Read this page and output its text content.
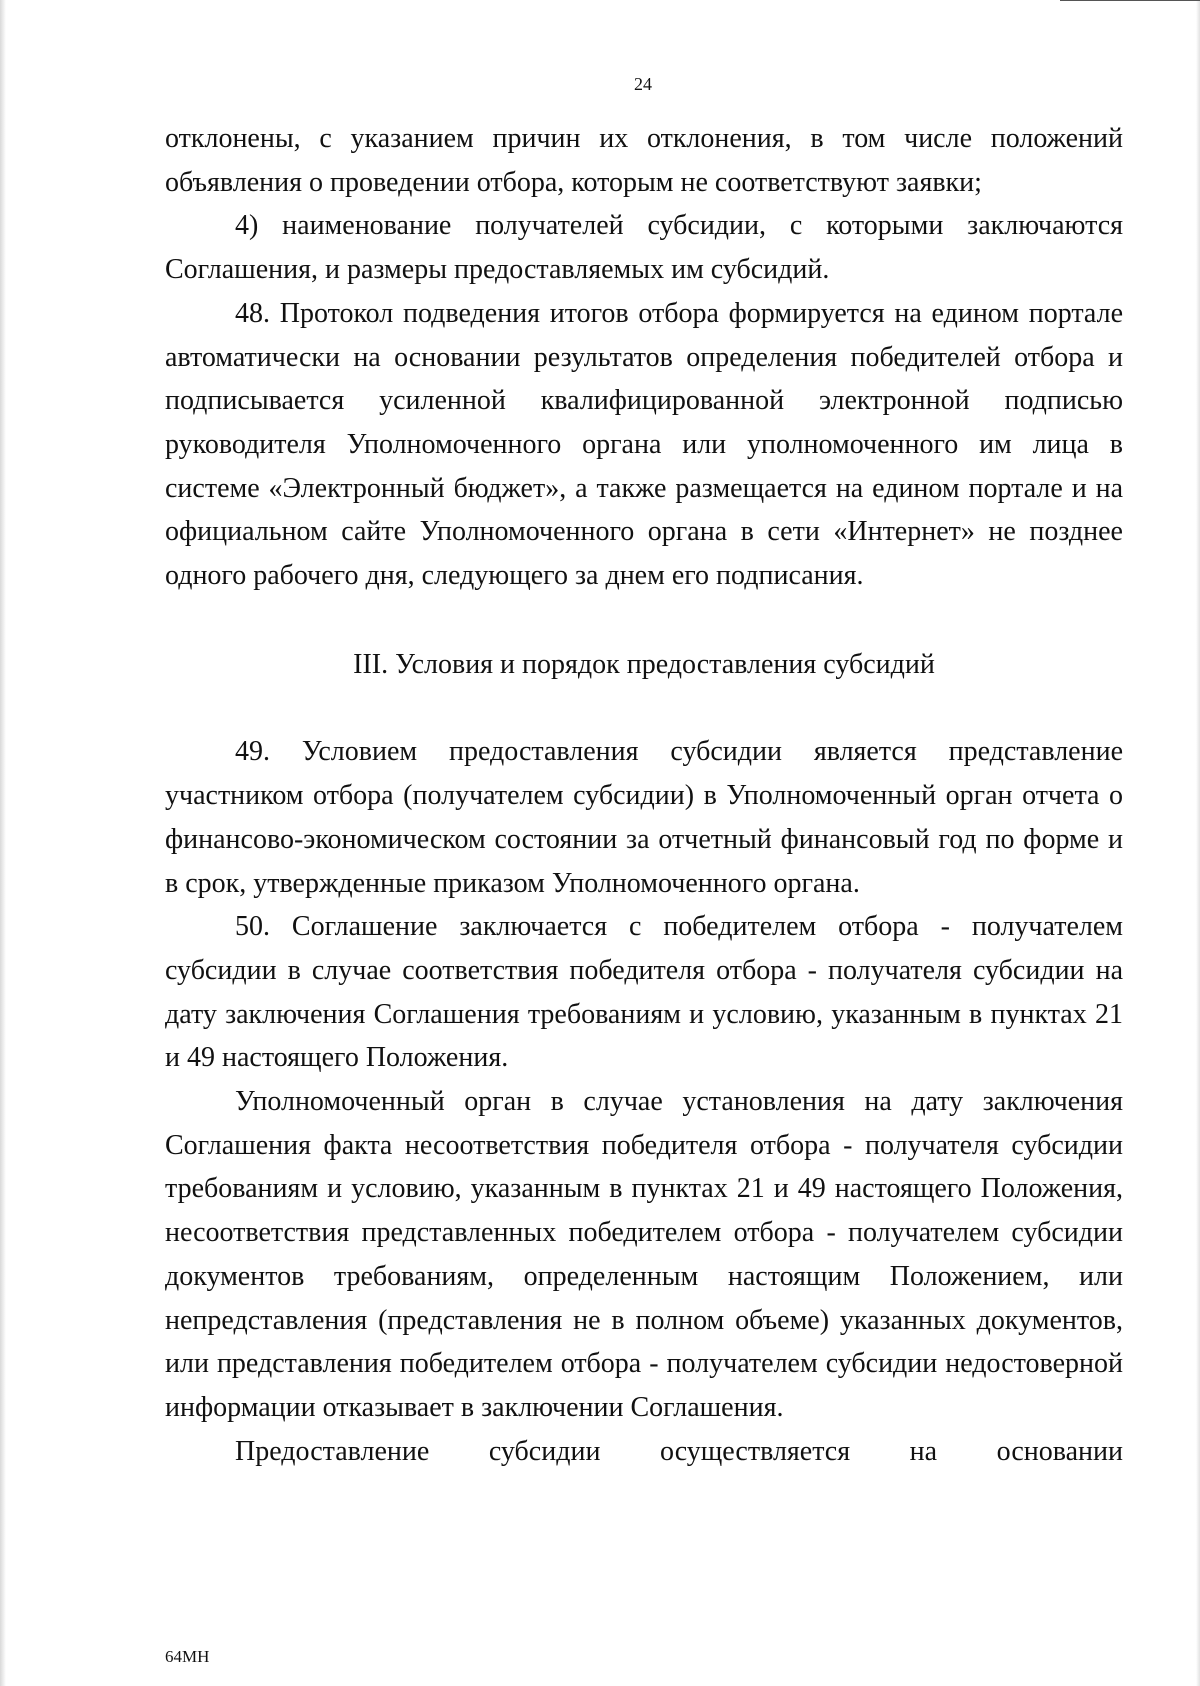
24

отклонены, с указанием причин их отклонения, в том числе положений объявления о проведении отбора, которым не соответствуют заявки;

4) наименование получателей субсидии, с которыми заключаются Соглашения, и размеры предоставляемых им субсидий.

48. Протокол подведения итогов отбора формируется на едином портале автоматически на основании результатов определения победителей отбора и подписывается усиленной квалифицированной электронной подписью руководителя Уполномоченного органа или уполномоченного им лица в системе «Электронный бюджет», а также размещается на едином портале и на официальном сайте Уполномоченного органа в сети «Интернет» не позднее одного рабочего дня, следующего за днем его подписания.

III. Условия и порядок предоставления субсидий

49. Условием предоставления субсидии является представление участником отбора (получателем субсидии) в Уполномоченный орган отчета о финансово-экономическом состоянии за отчетный финансовый год по форме и в срок, утвержденные приказом Уполномоченного органа.

50. Соглашение заключается с победителем отбора - получателем субсидии в случае соответствия победителя отбора - получателя субсидии на дату заключения Соглашения требованиям и условию, указанным в пунктах 21 и 49 настоящего Положения.

Уполномоченный орган в случае установления на дату заключения Соглашения факта несоответствия победителя отбора - получателя субсидии требованиям и условию, указанным в пунктах 21 и 49 настоящего Положения, несоответствия представленных победителем отбора - получателем субсидии документов требованиям, определенным настоящим Положением, или непредставления (представления не в полном объеме) указанных документов, или представления победителем отбора - получателем субсидии недостоверной информации отказывает в заключении Соглашения.

Предоставление субсидии осуществляется на основании

64МН
